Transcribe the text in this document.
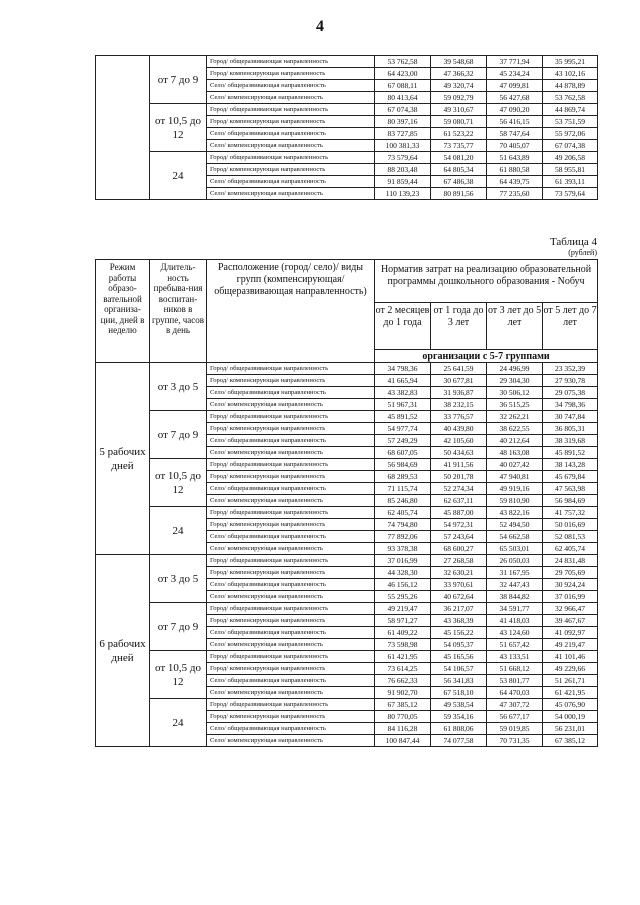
4
	от 7 до 9	Город/ общеразвивающая направленность	53 762,58	39 548,68	37 771,94	35 995,21
		Город/ компенсирующая направленность	64 423,00	47 366,32	45 234,24	43 102,16
		Село/ общеразвивающая направленность	67 088,11	49 320,74	47 099,81	44 878,89
		Село/ компенсирующая направленность	80 413,64	59 092,79	56 427,68	53 762,58
	от 10,5 до 12	Город/ общеразвивающая направленность	67 074,38	49 310,67	47 090,20	44 869,74
		Город/ компенсирующая направленность	80 397,16	59 080,71	56 416,15	53 751,59
		Село/ общеразвивающая направленность	83 727,85	61 523,22	58 747,64	55 972,06
		Село/ компенсирующая направленность	100 381,33	73 735,77	70 405,07	67 074,38
	24	Город/ общеразвивающая направленность	73 579,64	54 081,20	51 643,89	49 206,58
		Город/ компенсирующая направленность	88 203,48	64 805,34	61 880,58	58 955,81
		Село/ общеразвивающая направленность	91 859,44	67 486,38	64 439,75	61 393,11
		Село/ компенсирующая направленность	110 139,23	80 891,56	77 235,60	73 579,64
Таблица 4
(рублей)
Режим работы образо-вательной организа-ции, дней в неделю	Длитель-ность пребыва-ния воспитан-ников в группе, часов в день	Расположение (город/ село)/ виды групп (компенсирующая/ общеразвивающая направленность)	Норматив затрат на реализацию образовательной программы дошкольного образования - Nобуч			
			от 2 месяцев до 1 года	от 1 года до 3 лет	от 3 лет до 5 лет	от 5 лет до 7 лет
			организации с 5-7 группами			
5 рабочих дней	от 3 до 5	Город/ общеразвивающая направленность	34 798,36	25 641,59	24 496,99	23 352,39
		Город/ компенсирующая направленность	41 665,94	30 677,81	29 304,30	27 930,78
		Село/ общеразвивающая направленность	43 382,83	31 936,87	30 506,12	29 075,38
		Село/ компенсирующая направленность	51 967,31	38 232,15	36 515,25	34 798,36
	от 7 до 9	Город/ общеразвивающая направленность	45 891,52	33 776,57	32 262,21	30 747,84
		Город/ компенсирующая направленность	54 977,74	40 439,80	38 622,55	36 805,31
		Село/ общеразвивающая направленность	57 249,29	42 105,60	40 212,64	38 319,68
		Село/ компенсирующая направленность	68 607,05	50 434,63	48 163,08	45 891,52
	от 10,5 до 12	Город/ общеразвивающая направленность	56 984,69	41 911,56	40 027,42	38 143,28
		Город/ компенсирующая направленность	68 289,53	50 201,78	47 940,81	45 679,84
		Село/ общеразвивающая направленность	71 115,74	52 274,34	49 919,16	47 563,98
		Село/ компенсирующая направленность	85 246,80	62 637,11	59 810,90	56 984,69
	24	Город/ общеразвивающая направленность	62 405,74	45 887,00	43 822,16	41 757,32
		Город/ компенсирующая направленность	74 794,80	54 972,31	52 494,50	50 016,69
		Село/ общеразвивающая направленность	77 892,06	57 243,64	54 662,58	52 081,53
		Село/ компенсирующая направленность	93 378,38	68 600,27	65 503,01	62 405,74
6 рабочих дней	от 3 до 5	Город/ общеразвивающая направленность	37 016,99	27 268,58	26 050,03	24 831,48
		Город/ компенсирующая направленность	44 328,30	32 630,21	31 167,95	29 705,69
		Село/ общеразвивающая направленность	46 156,12	33 970,61	32 447,43	30 924,24
		Село/ компенсирующая направленность	55 295,26	40 672,64	38 844,82	37 016,99
	от 7 до 9	Город/ общеразвивающая направленность	49 219,47	36 217,07	34 591,77	32 966,47
		Город/ компенсирующая направленность	58 971,27	43 368,39	41 418,03	39 467,67
		Село/ общеразвивающая направленность	61 409,22	45 156,22	43 124,60	41 092,97
		Село/ компенсирующая направленность	73 598,98	54 095,37	51 657,42	49 219,47
	от 10,5 до 12	Город/ общеразвивающая направленность	61 421,95	45 165,56	43 133,51	41 101,46
		Город/ компенсирующая направленность	73 614,25	54 106,57	51 668,12	49 229,66
		Село/ общеразвивающая направленность	76 662,33	56 341,83	53 801,77	51 261,71
		Село/ компенсирующая направленность	91 902,70	67 518,10	64 470,03	61 421,95
	24	Город/ общеразвивающая направленность	67 385,12	49 538,54	47 307,72	45 076,90
		Город/ компенсирующая направленность	80 770,05	59 354,16	56 677,17	54 000,19
		Село/ общеразвивающая направленность	84 116,28	61 808,06	59 019,85	56 231,01
		Село/ компенсирующая направленность	100 847,44	74 077,58	70 731,35	67 385,12
